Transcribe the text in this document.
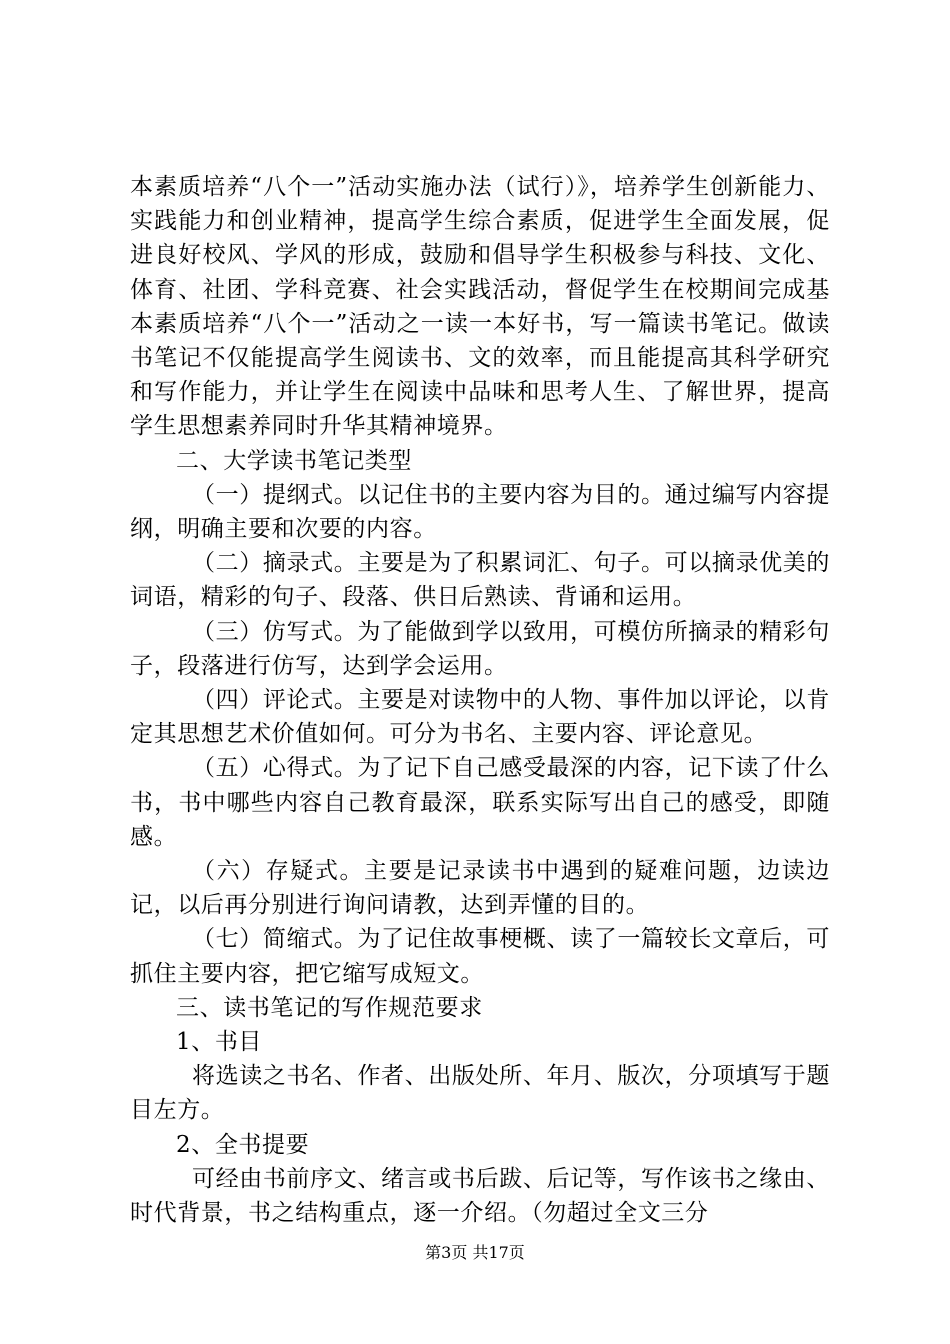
本素质培养“八个一”活动实施办法（试行）》，培养学生创新能力、实践能力和创业精神，提高学生综合素质，促进学生全面发展，促进良好校风、学风的形成，鼓励和倡导学生积极参与科技、文化、体育、社团、学科竞赛、社会实践活动，督促学生在校期间完成基本素质培养“八个一”活动之一读一本好书，写一篇读书笔记。做读书笔记不仅能提高学生阅读书、文的效率，而且能提高其科学研究和写作能力，并让学生在阅读中品味和思考人生、了解世界，提高学生思想素养同时升华其精神境界。

二、大学读书笔记类型

（一）提纲式。以记住书的主要内容为目的。通过编写内容提纲，明确主要和次要的内容。

（二）摘录式。主要是为了积累词汇、句子。可以摘录优美的词语，精彩的句子、段落、供日后熟读、背诵和运用。

（三）仿写式。为了能做到学以致用，可模仿所摘录的精彩句子，段落进行仿写，达到学会运用。

（四）评论式。主要是对读物中的人物、事件加以评论，以肯定其思想艺术价值如何。可分为书名、主要内容、评论意见。

（五）心得式。为了记下自己感受最深的内容，记下读了什么书，书中哪些内容自己教育最深，联系实际写出自己的感受，即随感。

（六）存疑式。主要是记录读书中遇到的疑难问题，边读边记，以后再分别进行询问请教，达到弄懂的目的。

（七）简缩式。为了记住故事梗概、读了一篇较长文章后，可抓住主要内容，把它缩写成短文。

三、读书笔记的写作规范要求

1、书目

将选读之书名、作者、出版处所、年月、版次，分项填写于题目左方。

2、全书提要

可经由书前序文、绪言或书后跋、后记等，写作该书之缘由、时代背景，书之结构重点，逐一介绍。（勿超过全文三分

第3页 共17页
